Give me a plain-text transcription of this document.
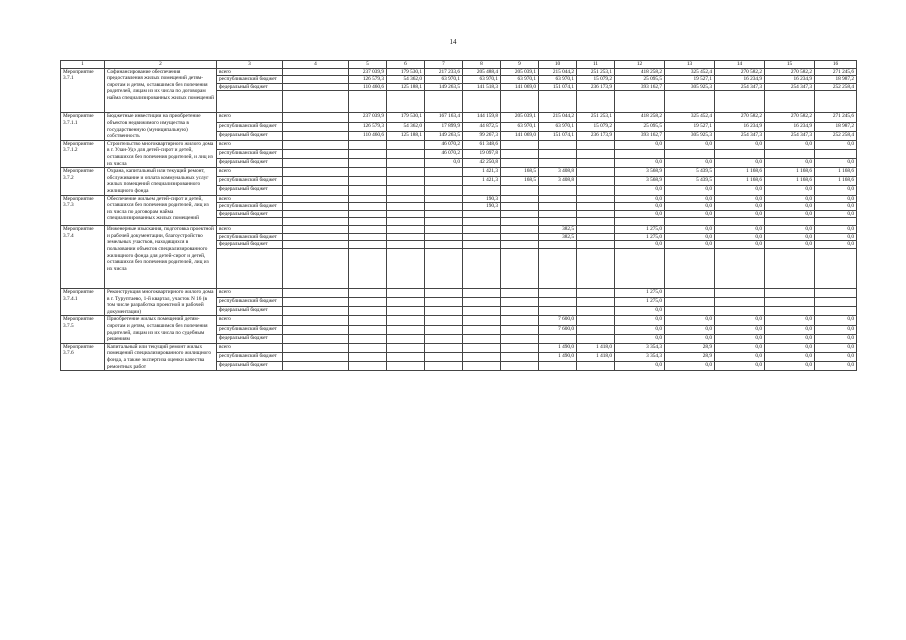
14
1	2	3	4	5	6	7	8	9	10	11	12	13	14	15	16
Мероприятие 3.7.1	Софинансирование обеспечения предоставления жилых помещений детям-сиротам и детям, оставшимся без попечения родителей, лицам из их числа по договорам найма специализированных жилых помещений	всего		237 039,9	179 530,1	217 233,6	205 488,4	205 039,1	215 044,2	251 253,1	418 258,2	325 452,4	270 582,2	270 582,2	271 245,6
		республиканский бюджет		126 579,3	54 362,0	63 970,1	63 970,1	63 970,1	63 970,1	15 079,2	25 095,5	19 527,1	16 234,9	16 234,9	18 987,2
		федеральный бюджет		110 460,6	125 188,1	149 263,5	141 518,3	141 069,0	151 074,1	236 173,9	393 162,7	305 925,3	254 347,3	254 347,3	252 258,4

Мероприятие 3.7.1.1	Бюджетные инвестиции на приобретение объектов недвижимого имущества в государственную (муниципальную) собственность	всего		237 039,9	179 530,1	167 163,4	144 159,8	205 039,1	215 044,2	251 253,1	418 258,2	325 452,4	270 582,2	270 582,2	271 245,6
		республиканский бюджет		126 579,3	54 362,0	17 899,9	44 872,5	63 970,1	63 970,1	15 079,2	25 095,5	19 527,1	16 234,9	16 234,9	18 987,2
		федеральный бюджет		110 460,6	125 188,1	149 263,5	99 267,3	141 069,0	151 074,1	236 173,9	393 162,7	305 925,3	254 347,3	254 347,3	252 258,4
Мероприятие 3.7.1.2	Строительство многоквартирного жилого дома в г. Улан-Удэ для детей-сирот и детей, оставшихся без попечения родителей, и лиц из их числа	всего				46 070,2	61 348,6				0,0	0,0	0,0	0,0	0,0
		республиканский бюджет				46 070,2	19 097,8								
		федеральный бюджет				0,0	42 250,8				0,0	0,0	0,0	0,0	0,0
Мероприятие 3.7.2	Охрана, капитальный или текущий ремонт, обслуживание и оплата коммунальных услуг жилых помещений специализированного жилищного фонда	всего					1 421,3	168,5	3 408,8		3 568,9	5 439,5	1 168,6	1 168,6	1 168,6
		республиканский бюджет					1 421,3	168,5	3 408,8		3 568,9	5 439,5	1 168,6	1 168,6	1 168,6
		федеральный бюджет									0,0	0,0	0,0	0,0	0,0
Мероприятие 3.7.3	Обеспечение жильем детей-сирот и детей, оставшихся без попечения родителей, лиц из их числа по договорам найма специализированных жилых помещений	всего					190,3				0,0	0,0	0,0	0,0	0,0
		республиканский бюджет					190,3				0,0	0,0	0,0	0,0	0,0
		федеральный бюджет									0,0	0,0	0,0	0,0	0,0

Мероприятие 3.7.4	Инженерные изыскания, подготовка проектной и рабочей документации, благоустройство земельных участков, находящихся в пользовании объектов специализированного жилищного фонда для детей-сирот и детей, оставшихся без попечения родителей, лиц из их числа	всего							382,5		1 275,0	0,0	0,0	0,0	0,0
		республиканский бюджет							382,5		1 275,0	0,0	0,0	0,0	0,0
		федеральный бюджет									0,0	0,0	0,0	0,0	0,0

Мероприятие 3.7.4.1	Реконструкция многоквартирного жилого дома в г. Туруптаево, 1-й квартал, участок N 16 (в том числе разработка проектной и рабочей документации)	всего									1 275,0				
		республиканский бюджет									1 275,0				
		федеральный бюджет									0,0				
Мероприятие 3.7.5	Приобретение жилых помещений детям-сиротам и детям, оставшимся без попечения родителей, лицам из их числа по судебным решениям	всего							7 600,0		0,0	0,0	0,0	0,0	0,0
		республиканский бюджет							7 600,0		0,0	0,0	0,0	0,0	0,0
		федеральный бюджет									0,0	0,0	0,0	0,0	0,0
Мероприятие 3.7.6	Капитальный или текущий ремонт жилых помещений специализированного жилищного фонда, а также экспертиза оценки качества ремонтных работ	всего							1 490,0	1 418,0	3 354,3	28,9	0,0	0,0	0,0
		республиканский бюджет							1 490,0	1 418,0	3 354,3	28,9	0,0	0,0	0,0
		федеральный бюджет									0,0	0,0	0,0	0,0	0,0
